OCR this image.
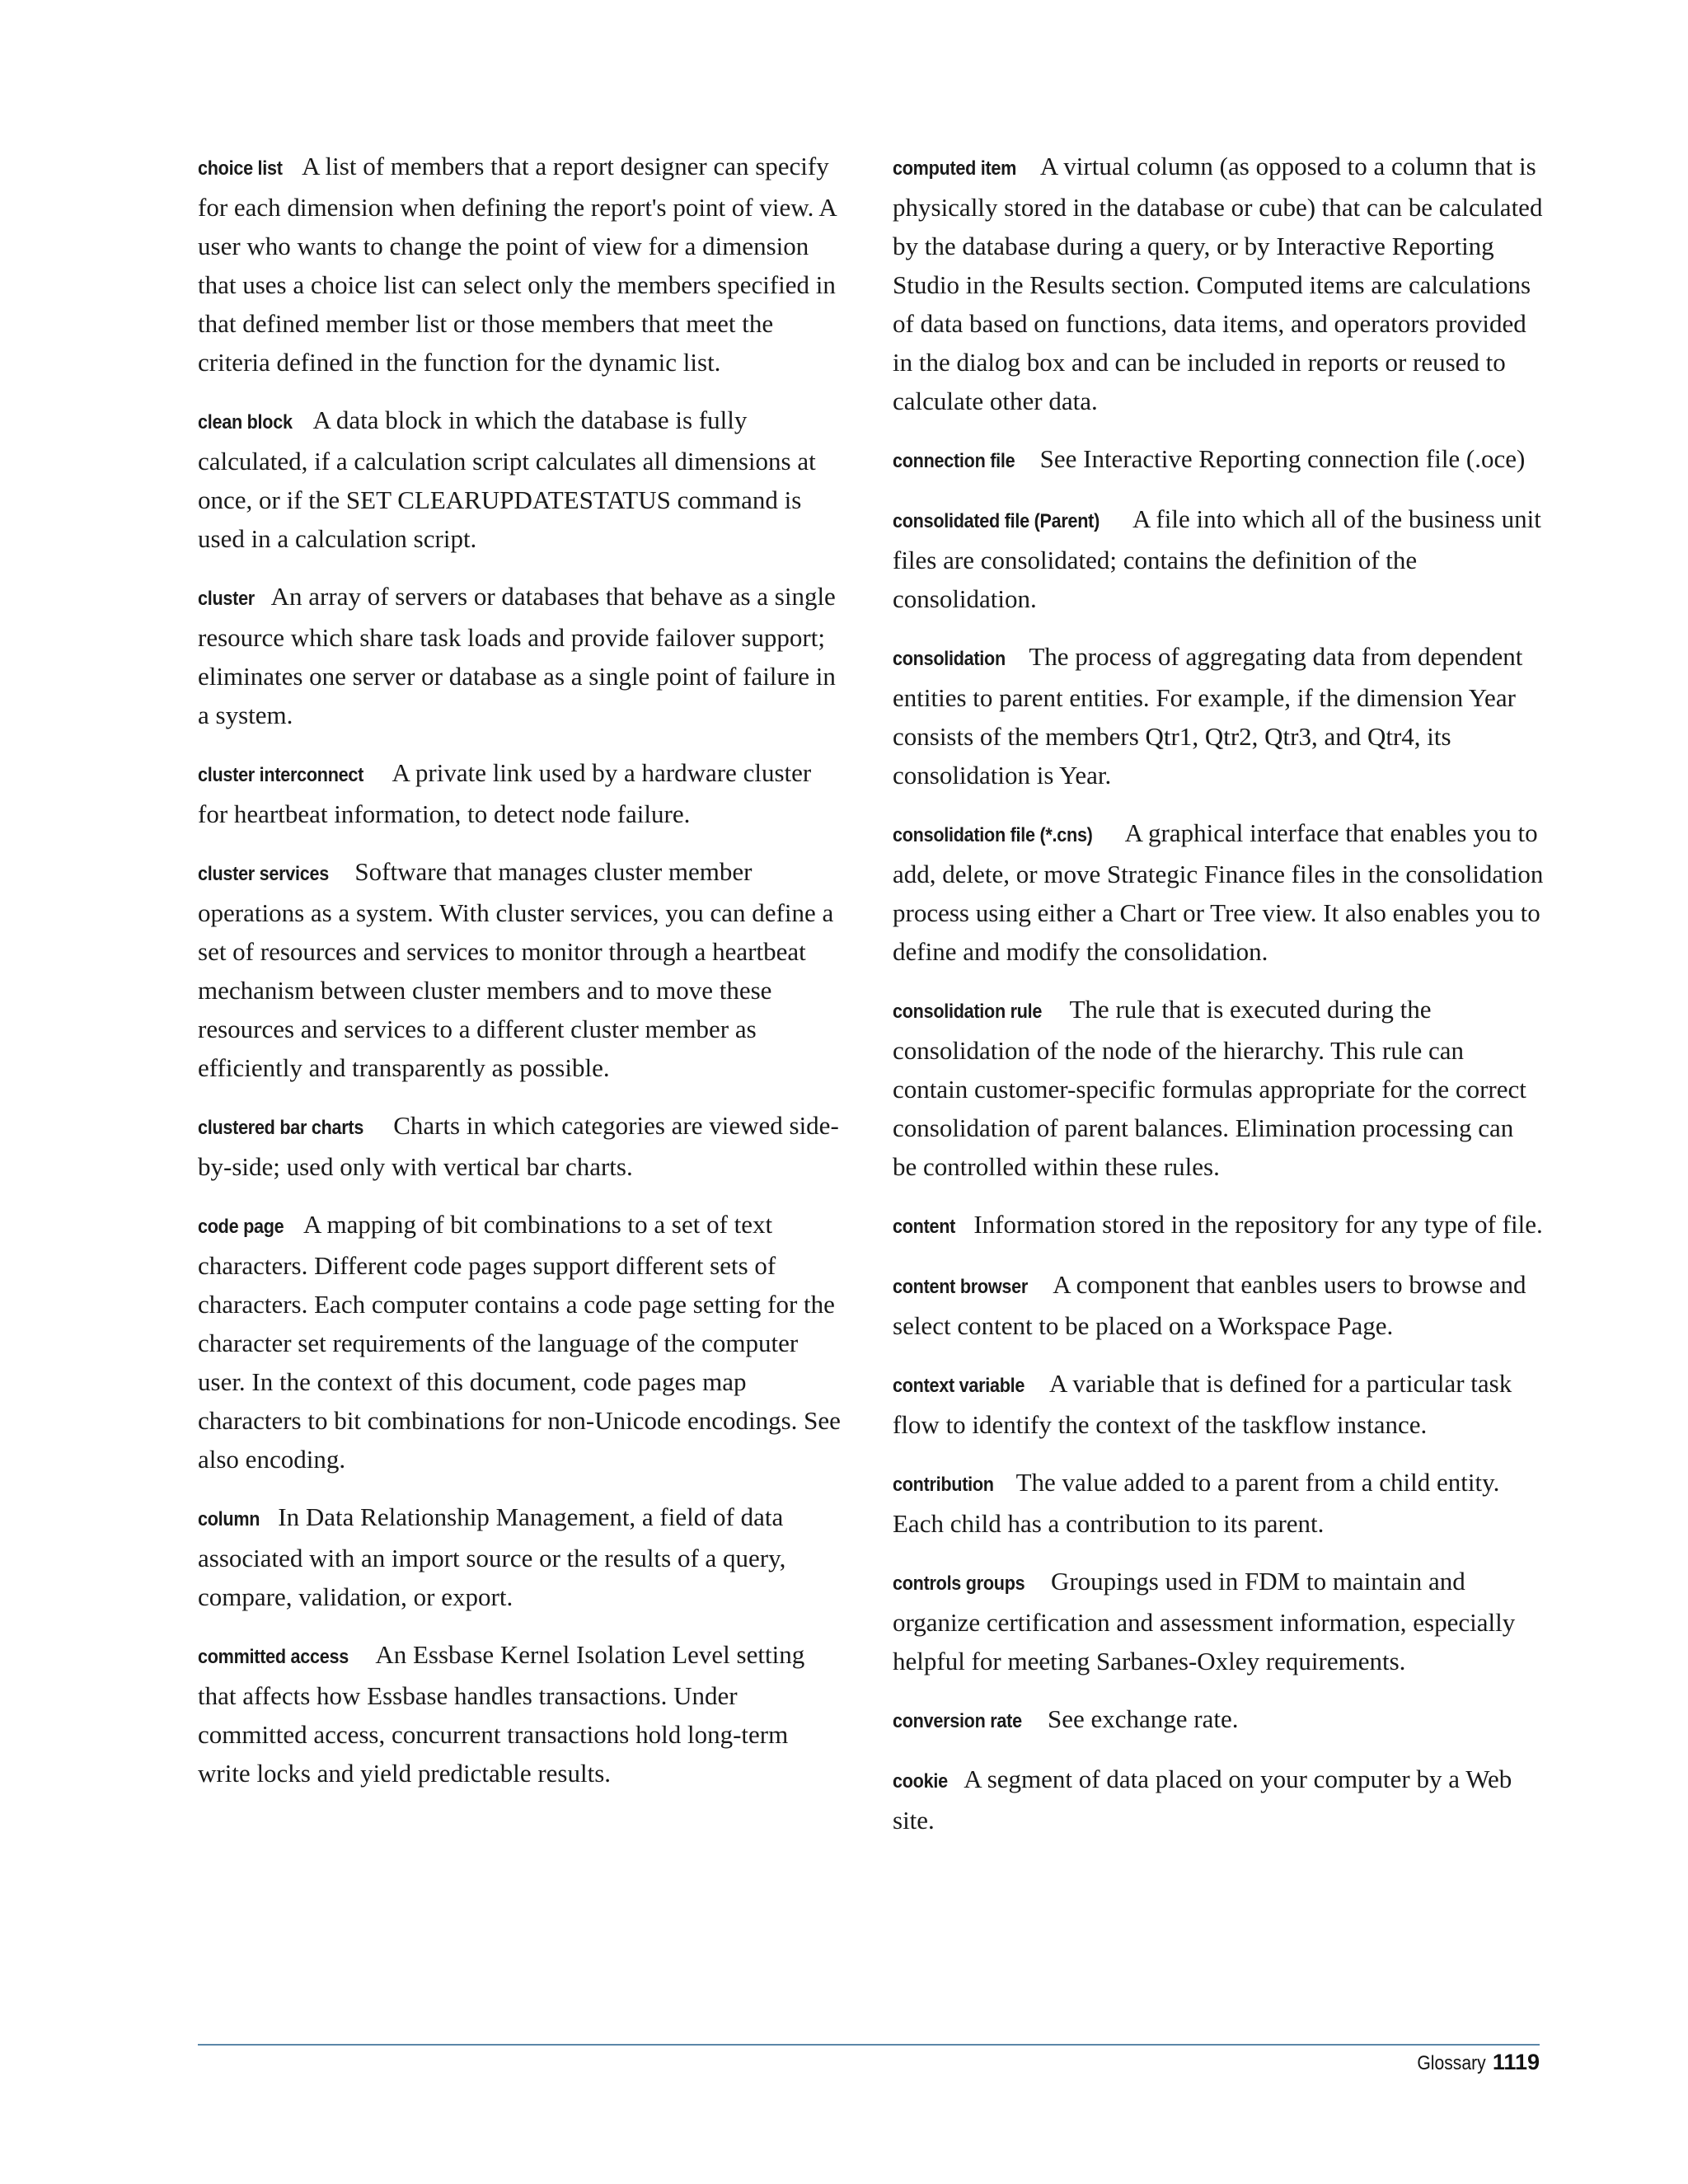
choice list A list of members that a report designer can specify for each dimension when defining the report's point of view. A user who wants to change the point of view for a dimension that uses a choice list can select only the members specified in that defined member list or those members that meet the criteria defined in the function for the dynamic list.

clean block A data block in which the database is fully calculated, if a calculation script calculates all dimensions at once, or if the SET CLEARUPDATESTATUS command is used in a calculation script.

cluster An array of servers or databases that behave as a single resource which share task loads and provide failover support; eliminates one server or database as a single point of failure in a system.

cluster interconnect A private link used by a hardware cluster for heartbeat information, to detect node failure.

cluster services Software that manages cluster member operations as a system. With cluster services, you can define a set of resources and services to monitor through a heartbeat mechanism between cluster members and to move these resources and services to a different cluster member as efficiently and transparently as possible.

clustered bar charts Charts in which categories are viewed side-by-side; used only with vertical bar charts.

code page A mapping of bit combinations to a set of text characters. Different code pages support different sets of characters. Each computer contains a code page setting for the character set requirements of the language of the computer user. In the context of this document, code pages map characters to bit combinations for non-Unicode encodings. See also encoding.

column In Data Relationship Management, a field of data associated with an import source or the results of a query, compare, validation, or export.

committed access An Essbase Kernel Isolation Level setting that affects how Essbase handles transactions. Under committed access, concurrent transactions hold long-term write locks and yield predictable results.

computed item A virtual column (as opposed to a column that is physically stored in the database or cube) that can be calculated by the database during a query, or by Interactive Reporting Studio in the Results section. Computed items are calculations of data based on functions, data items, and operators provided in the dialog box and can be included in reports or reused to calculate other data.

connection file See Interactive Reporting connection file (.oce)

consolidated file (Parent) A file into which all of the business unit files are consolidated; contains the definition of the consolidation.

consolidation The process of aggregating data from dependent entities to parent entities. For example, if the dimension Year consists of the members Qtr1, Qtr2, Qtr3, and Qtr4, its consolidation is Year.

consolidation file (*.cns) A graphical interface that enables you to add, delete, or move Strategic Finance files in the consolidation process using either a Chart or Tree view. It also enables you to define and modify the consolidation.

consolidation rule The rule that is executed during the consolidation of the node of the hierarchy. This rule can contain customer-specific formulas appropriate for the correct consolidation of parent balances. Elimination processing can be controlled within these rules.

content Information stored in the repository for any type of file.

content browser A component that eanbles users to browse and select content to be placed on a Workspace Page.

context variable A variable that is defined for a particular task flow to identify the context of the taskflow instance.

contribution The value added to a parent from a child entity. Each child has a contribution to its parent.

controls groups Groupings used in FDM to maintain and organize certification and assessment information, especially helpful for meeting Sarbanes-Oxley requirements.

conversion rate See exchange rate.

cookie A segment of data placed on your computer by a Web site.

Glossary 1119
